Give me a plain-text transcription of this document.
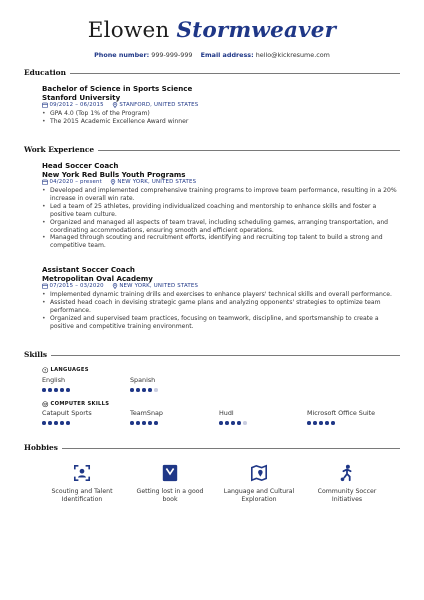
Elowen Stormweaver
Phone number: 999-999-999 Email address: hello@kickresume.com
Education
Bachelor of Science in Sports Science
Stanford University
09/2012 – 06/2015	STANFORD, UNITED STATES
• GPA 4.0 (Top 1% of the Program)
• The 2015 Academic Excellence Award winner
Work Experience
Head Soccer Coach
New York Red Bulls Youth Programs
04/2020 – present	NEW YORK, UNITED STATES
• Developed and implemented comprehensive training programs to improve team performance, resulting in a 20% increase in overall win rate.
• Led a team of 25 athletes, providing individualized coaching and mentorship to enhance skills and foster a positive team culture.
• Organized and managed all aspects of team travel, including scheduling games, arranging transportation, and coordinating accommodations, ensuring smooth and efficient operations.
• Managed through scouting and recruitment efforts, identifying and recruiting top talent to build a strong and competitive team.
Assistant Soccer Coach
Metropolitan Oval Academy
07/2015 – 03/2020	NEW YORK, UNITED STATES
• Implemented dynamic training drills and exercises to enhance players' technical skills and overall performance.
• Assisted head coach in devising strategic game plans and analyzing opponents' strategies to optimize team performance.
• Organized and supervised team practices, focusing on teamwork, discipline, and sportsmanship to create a positive and competitive training environment.
Skills
? LANGUAGES
English	Spanish
COMPUTER SKILLS
Catapult Sports	TeamSnap	Hudl	Microsoft Office Suite
Hobbies
Scouting and Talent Identification
Getting lost in a good book
Language and Cultural Exploration
Community Soccer Initiatives
